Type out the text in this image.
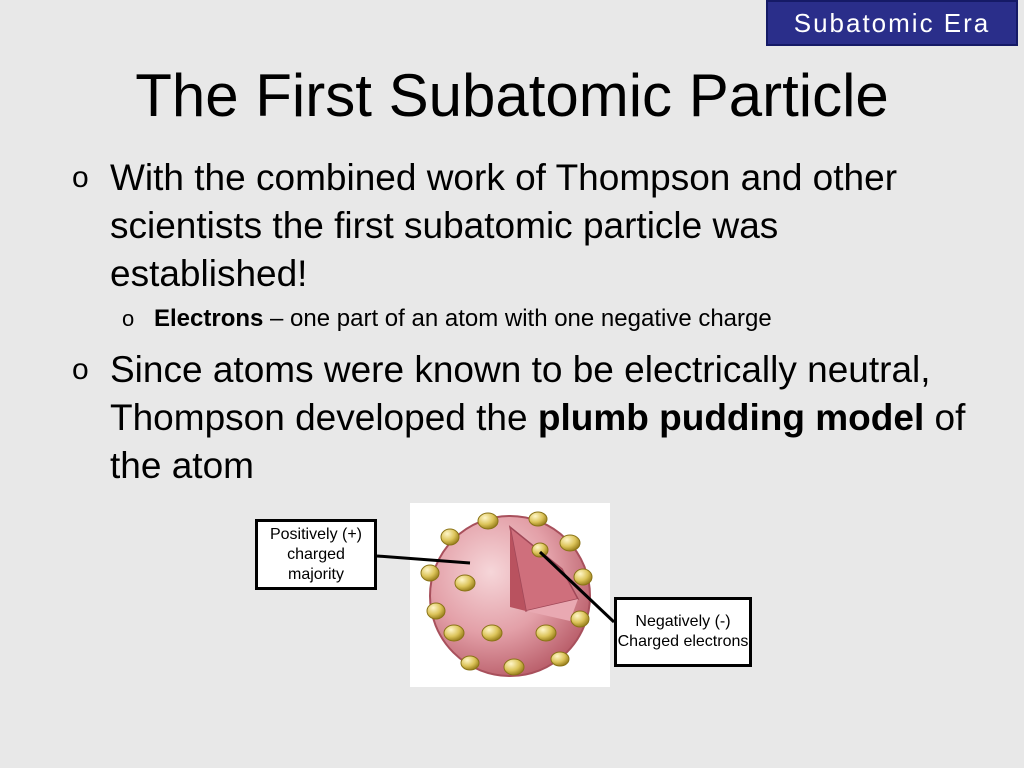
Subatomic Era
The First Subatomic Particle
o With the combined work of Thompson and other scientists the first subatomic particle was established!
o Electrons – one part of an atom with one negative charge
o Since atoms were known to be electrically neutral, Thompson developed the plumb pudding model of the atom
Positively (+) charged majority
Negatively (-) Charged electrons
